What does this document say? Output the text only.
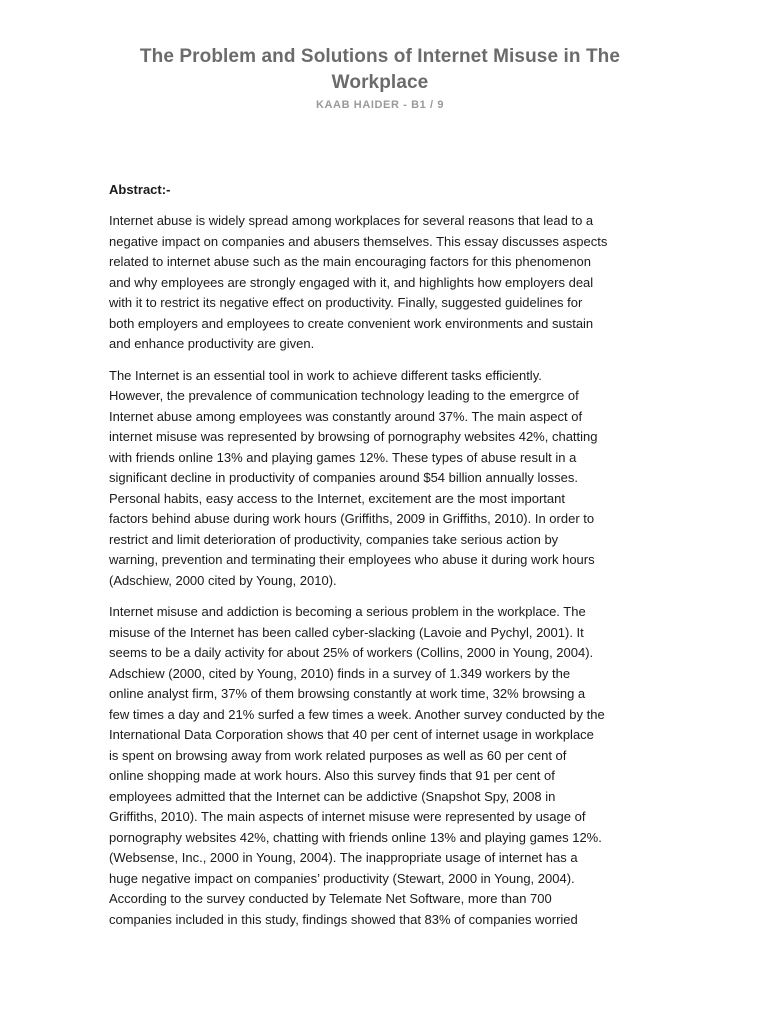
The Problem and Solutions of Internet Misuse in The Workplace
KAAB HAIDER - B1 / 9
Abstract:-
Internet abuse is widely spread among workplaces for several reasons that lead to a
negative impact on companies and abusers themselves. This essay discusses aspects
related to internet abuse such as the main encouraging factors for this phenomenon
and why employees are strongly engaged with it, and highlights how employers deal
with it to restrict its negative effect on productivity. Finally, suggested guidelines for
both employers and employees to create convenient work environments and sustain
and enhance productivity are given.
The Internet is an essential tool in work to achieve different tasks efficiently.
However, the prevalence of communication technology leading to the emergrce of
Internet abuse among employees was constantly around 37%. The main aspect of
internet misuse was represented by browsing of pornography websites 42%, chatting
with friends online 13% and playing games 12%. These types of abuse result in a
significant decline in productivity of companies around $54 billion annually losses.
Personal habits, easy access to the Internet, excitement are the most important
factors behind abuse during work hours (Griffiths, 2009 in Griffiths, 2010). In order to
restrict and limit deterioration of productivity, companies take serious action by
warning, prevention and terminating their employees who abuse it during work hours
(Adschiew, 2000 cited by Young, 2010).
Internet misuse and addiction is becoming a serious problem in the workplace. The
misuse of the Internet has been called cyber-slacking (Lavoie and Pychyl, 2001). It
seems to be a daily activity for about 25% of workers (Collins, 2000 in Young, 2004).
Adschiew (2000, cited by Young, 2010) finds in a survey of 1.349 workers by the
online analyst firm, 37% of them browsing constantly at work time, 32% browsing a
few times a day and 21% surfed a few times a week. Another survey conducted by the
International Data Corporation shows that 40 per cent of internet usage in workplace
is spent on browsing away from work related purposes as well as 60 per cent of
online shopping made at work hours. Also this survey finds that 91 per cent of
employees admitted that the Internet can be addictive (Snapshot Spy, 2008 in
Griffiths, 2010). The main aspects of internet misuse were represented by usage of
pornography websites 42%, chatting with friends online 13% and playing games 12%.
(Websense, Inc., 2000 in Young, 2004). The inappropriate usage of internet has a
huge negative impact on companies’ productivity (Stewart, 2000 in Young, 2004).
According to the survey conducted by Telemate Net Software, more than 700
companies included in this study, findings showed that 83% of companies worried
